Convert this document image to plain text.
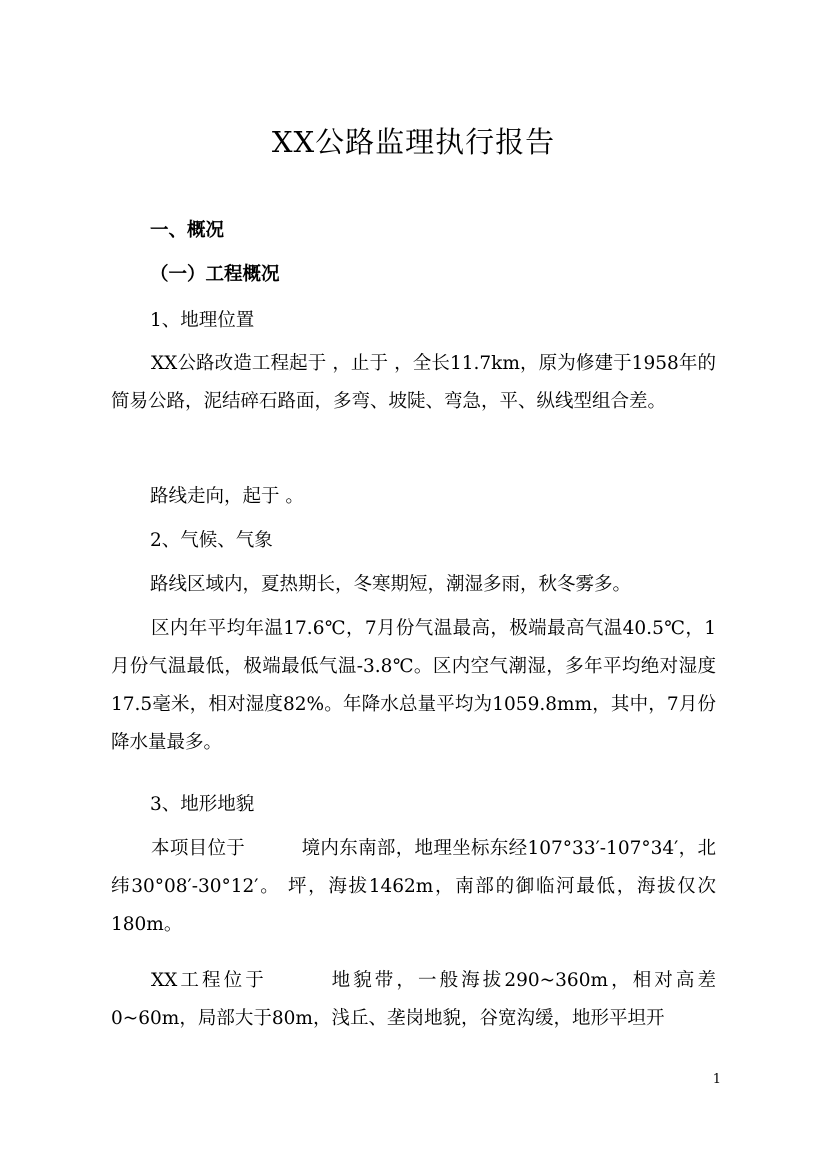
XX公路监理执行报告

一、概况

（一）工程概况

1、地理位置

XX公路改造工程起于 ，止于 ，全长11.7km，原为修建于1958年的简易公路，泥结碎石路面，多弯、坡陡、弯急，平、纵线型组合差。

路线走向，起于 。

2、气候、气象

路线区域内，夏热期长，冬寒期短，潮湿多雨，秋冬雾多。

区内年平均年温17.6℃，7月份气温最高，极端最高气温40.5℃，1月份气温最低，极端最低气温-3.8℃。区内空气潮湿，多年平均绝对湿度17.5毫米，相对湿度82%。年降水总量平均为1059.8mm，其中，7月份降水量最多。

3、地形地貌

本项目位于　　　境内东南部，地理坐标东经107°33′-107°34′，北纬30°08′-30°12′。 坪，海拔1462m，南部的御临河最低，海拔仅次180m。

XX工程位于　　　地貌带，一般海拔290~360m，相对高差0~60m，局部大于80m，浅丘、垄岗地貌，谷宽沟缓，地形平坦开

1
